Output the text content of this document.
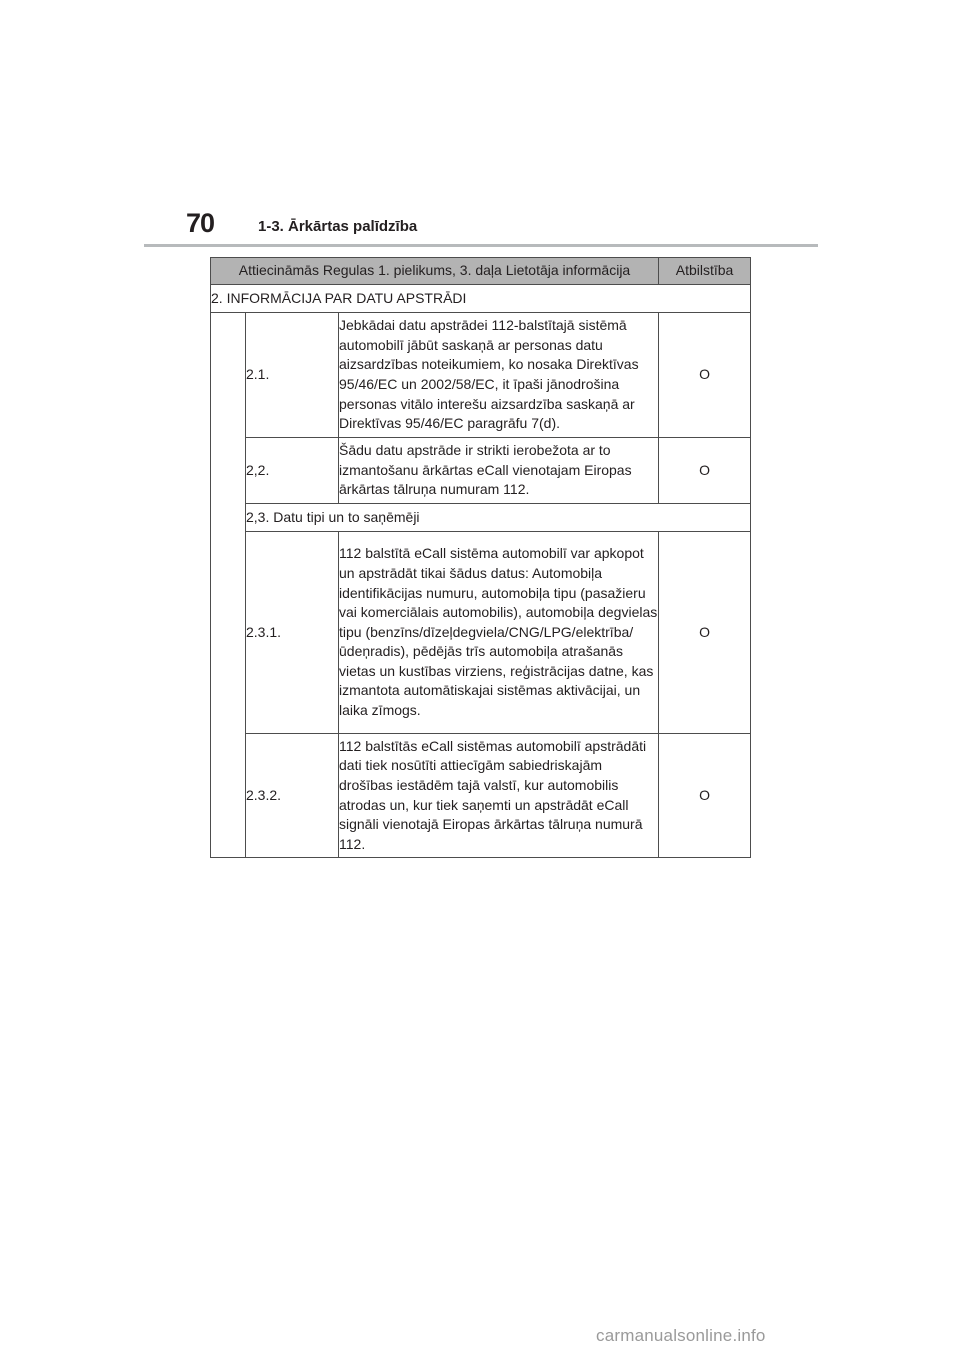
70	1-3. Ārkārtas palīdzība
Attiecināmās Regulas 1. pielikums, 3. daļa Lietotāja informācija			Atbilstība
2. INFORMĀCIJA PAR DATU APSTRĀDI			
	2.1.	Jebkādai datu apstrādei 112-balstītajā sistēmā automobilī jābūt saskaņā ar personas datu aizsardzības noteikumiem, ko nosaka Direktīvas 95/46/EC un 2002/58/EC, it īpaši jānodrošina personas vitālo interešu aizsardzība saskaņā ar Direktīvas 95/46/EC paragrāfu 7(d).	O
	2,2.	Šādu datu apstrāde ir strikti ierobežota ar to izmantošanu ārkārtas eCall vienotajam Eiropas ārkārtas tālruņa numuram 112.	O
	2,3. Datu tipi un to saņēmēji		
	2.3.1.	112 balstītā eCall sistēma automobilī var apkopot un apstrādāt tikai šādus datus: Automobiļa identifikācijas numuru, automobiļa tipu (pasažieru vai komerciālais automobilis), automobiļa degvielas tipu (benzīns/dīzeļdegviela/CNG/LPG/elektrība/ūdeņradis), pēdējās trīs automobiļa atrašanās vietas un kustības virziens, reģistrācijas datne, kas izmantota automātiskajai sistēmas aktivācijai, un laika zīmogs.	O
	2.3.2.	112 balstītās eCall sistēmas automobilī apstrādāti dati tiek nosūtīti attiecīgām sabiedriskajām drošības iestādēm tajā valstī, kur automobilis atrodas un, kur tiek saņemti un apstrādāt eCall signāli vienotajā Eiropas ārkārtas tālruņa numurā 112.	O
carmanualsonline.info
